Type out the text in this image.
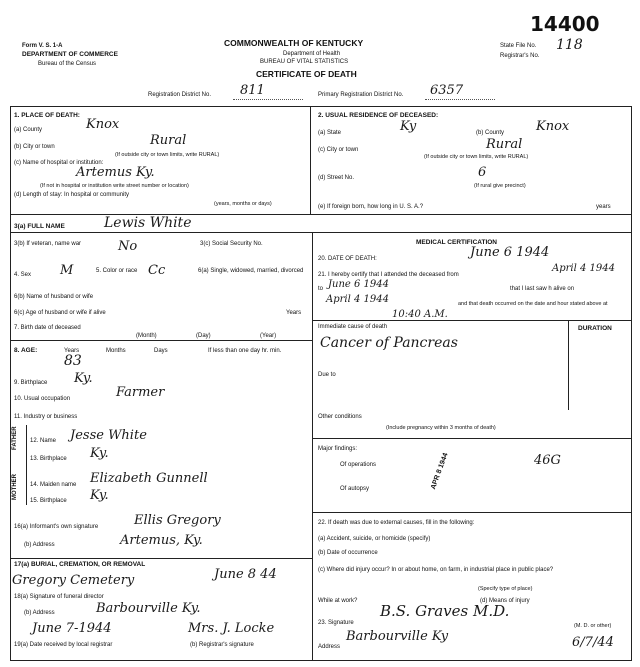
Form V. S. 1-A
DEPARTMENT OF COMMERCE
Bureau of the Census
COMMONWEALTH OF KENTUCKY
Department of Health
BUREAU OF VITAL STATISTICS
CERTIFICATE OF DEATH
14400
State File No. 118
Registrar's No.
Registration District No. 811	Primary Registration District No. 6357
1. PLACE OF DEATH:
(a) County	Knox
(b) City or town	Rural
(If outside city or town limits, write RURAL)
(c) Name of hospital or institution:
Artemus Ky.
(If not in hospital or institution write street number or location)
(d) Length of stay: In hospital or community
(years, months or days)
2. USUAL RESIDENCE OF DECEASED:
(a) State	Ky	(b) County Knox
(c) City or town	Rural
(If outside city or town limits, write RURAL)
(d) Street No.	6
(If rural give precinct)
(e) If foreign born, how long in U. S. A.?	years
3(a) FULL NAME	Lewis White
3(b) If veteran, name war	No	3(c) Social Security No.
4. Sex M	5. Color or race Cc	6(a) Single, widowed, married, divorced
6(b) Name of husband or wife
6(c) Age of husband or wife if alive	Years
7. Birth date of deceased
(Month)	(Day)	(Year)
8. AGE:	Years
83
Months	Days	If less than one day hr. min.
9. Birthplace Ky.
10. Usual occupation	Farmer
11. Industry or business
FATHER
MOTHER
12. Name Jesse White
13. Birthplace Ky.
14. Maiden name Elizabeth Gunnell
15. Birthplace Ky.
16(a) Informant's own signature	Ellis Gregory
(b) Address	Artemus, Ky.
17(a) BURIAL, CREMATION, OR REMOVAL
Gregory Cemetery	June 8 44
18(a) Signature of funeral director
(b) Address	Barbourville Ky.
19(a) Date received by local registrar
June 7-1944
(b) Registrar's signature
Mrs. J. Locke
MEDICAL CERTIFICATION
20. DATE OF DEATH:	June 6 1944
21. I hereby certify that I attended the deceased from
April 4 1944
to June 6 1944	that I last saw h alive on
April 4 1944	and that death occurred on the date and hour stated above at
10:40 A.M.
Immediate cause of death
Cancer of Pancreas
DURATION
Due to
Other conditions
(Include pregnancy within 3 months of death)
Major findings:
Of operations	46G
Of autopsy	APR 8 1944
22. If death was due to external causes, fill in the following:
(a) Accident, suicide, or homicide (specify)
(b) Date of occurrence
(c) Where did injury occur? In or about home, on farm, in industrial place in public place?
(Specify type of place)
While at work?	(d) Means of injury
23. Signature
B.S. Graves M.D.
(M. D. or other)
Address
Barbourville Ky	6/7/44
